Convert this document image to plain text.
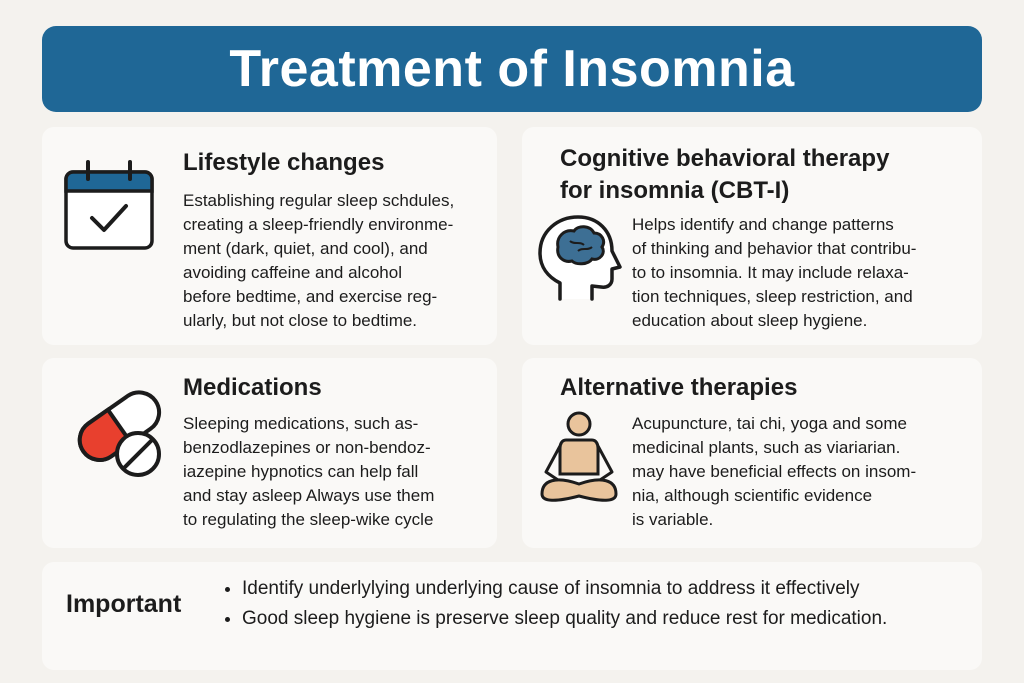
Treatment of Insomnia
Lifestyle changes

Establishing regular sleep schdules,
creating a sleep-friendly environme-
ment (dark, quiet, and cool), and
avoiding caffeine and alcohol
before bedtime, and exercise reg-
ularly, but not close to bedtime.

Cognitive behavioral therapy
for insomnia (CBT-I)

Helps identify and change patterns
of thinking and þehavior that contribu-
to to insomnia. It may include relaxa-
tion techniques, sleep restriction, and
education about sleep hygiene.

Medications

Sleeping medications, such as-
benzodlazepines or non-bendoz-
iazepine hypnotics can help fall
and stay asleep Always use them
to regulating the sleep-wike cycle

Alternative therapies

Acupuncture, tai chi, yoga and some
medicinal plants, such as viarіarian.
may have beneficial effects on insom-
nia, although scientific evidence
is variable.

Important
• Identify underlylying underlying cause of insomnia to address it effectively
• Good sleep hygiene is preserve sleep quality and reduce rest for medication.
